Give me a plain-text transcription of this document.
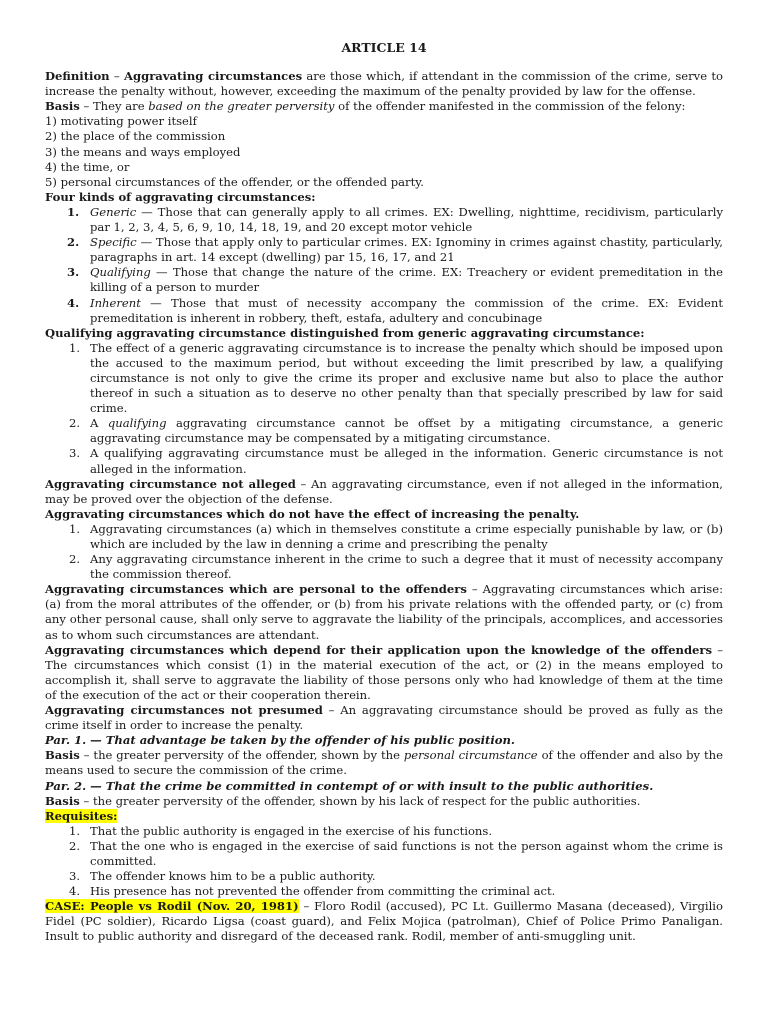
ARTICLE 14

Definition – Aggravating circumstances are those which, if attendant in the commission of the crime, serve to increase the penalty without, however, exceeding the maximum of the penalty provided by law for the offense.

Basis – They are based on the greater perversity of the offender manifested in the commission of the felony:

1) motivating power itself

2) the place of the commission

3) the means and ways employed

4) the time, or

5) personal circumstances of the offender, or the offended party.

Four kinds of aggravating circumstances:

1. Generic — Those that can generally apply to all crimes. EX: Dwelling, nighttime, recidivism, particularly par 1, 2, 3, 4, 5, 6, 9, 10, 14, 18, 19, and 20 except motor vehicle
2. Specific — Those that apply only to particular crimes. EX: Ignominy in crimes against chastity, particularly, paragraphs in art. 14 except (dwelling) par 15, 16, 17, and 21
3. Qualifying — Those that change the nature of the crime. EX: Treachery or evident premeditation in the killing of a person to murder
4. Inherent — Those that must of necessity accompany the commission of the crime. EX: Evident premeditation is inherent in robbery, theft, estafa, adultery and concubinage

Qualifying aggravating circumstance distinguished from generic aggravating circumstance:

1. The effect of a generic aggravating circumstance is to increase the penalty which should be imposed upon the accused to the maximum period, but without exceeding the limit prescribed by law, a qualifying circumstance is not only to give the crime its proper and exclusive name but also to place the author thereof in such a situation as to deserve no other penalty than that specially prescribed by law for said crime.
2. A qualifying aggravating circumstance cannot be offset by a mitigating circumstance, a generic aggravating circumstance may be compensated by a mitigating circumstance.
3. A qualifying aggravating circumstance must be alleged in the information. Generic circumstance is not alleged in the information.

Aggravating circumstance not alleged – An aggravating circumstance, even if not alleged in the information, may be proved over the objection of the defense.

Aggravating circumstances which do not have the effect of increasing the penalty.

1. Aggravating circumstances (a) which in themselves constitute a crime especially punishable by law, or (b) which are included by the law in denning a crime and prescribing the penalty
2. Any aggravating circumstance inherent in the crime to such a degree that it must of necessity accompany the commission thereof.

Aggravating circumstances which are personal to the offenders – Aggravating circumstances which arise: (a) from the moral attributes of the offender, or (b) from his private relations with the offended party, or (c) from any other personal cause, shall only serve to aggravate the liability of the principals, accomplices, and accessories as to whom such circumstances are attendant.

Aggravating circumstances which depend for their application upon the knowledge of the offenders – The circumstances which consist (1) in the material execution of the act, or (2) in the means employed to accomplish it, shall serve to aggravate the liability of those persons only who had knowledge of them at the time of the execution of the act or their cooperation therein.

Aggravating circumstances not presumed – An aggravating circumstance should be proved as fully as the crime itself in order to increase the penalty.

Par. 1. — That advantage be taken by the offender of his public position.

Basis – the greater perversity of the offender, shown by the personal circumstance of the offender and also by the means used to secure the commission of the crime.

Par. 2. — That the crime be committed in contempt of or with insult to the public authorities.

Basis – the greater perversity of the offender, shown by his lack of respect for the public authorities.

Requisites:

1. That the public authority is engaged in the exercise of his functions.
2. That the one who is engaged in the exercise of said functions is not the person against whom the crime is committed.
3. The offender knows him to be a public authority.
4. His presence has not prevented the offender from committing the criminal act.

CASE: People vs Rodil (Nov. 20, 1981) – Floro Rodil (accused), PC Lt. Guillermo Masana (deceased), Virgilio Fidel (PC soldier), Ricardo Ligsa (coast guard), and Felix Mojica (patrolman), Chief of Police Primo Panaligan. Insult to public authority and disregard of the deceased rank. Rodil, member of anti-smuggling unit.
